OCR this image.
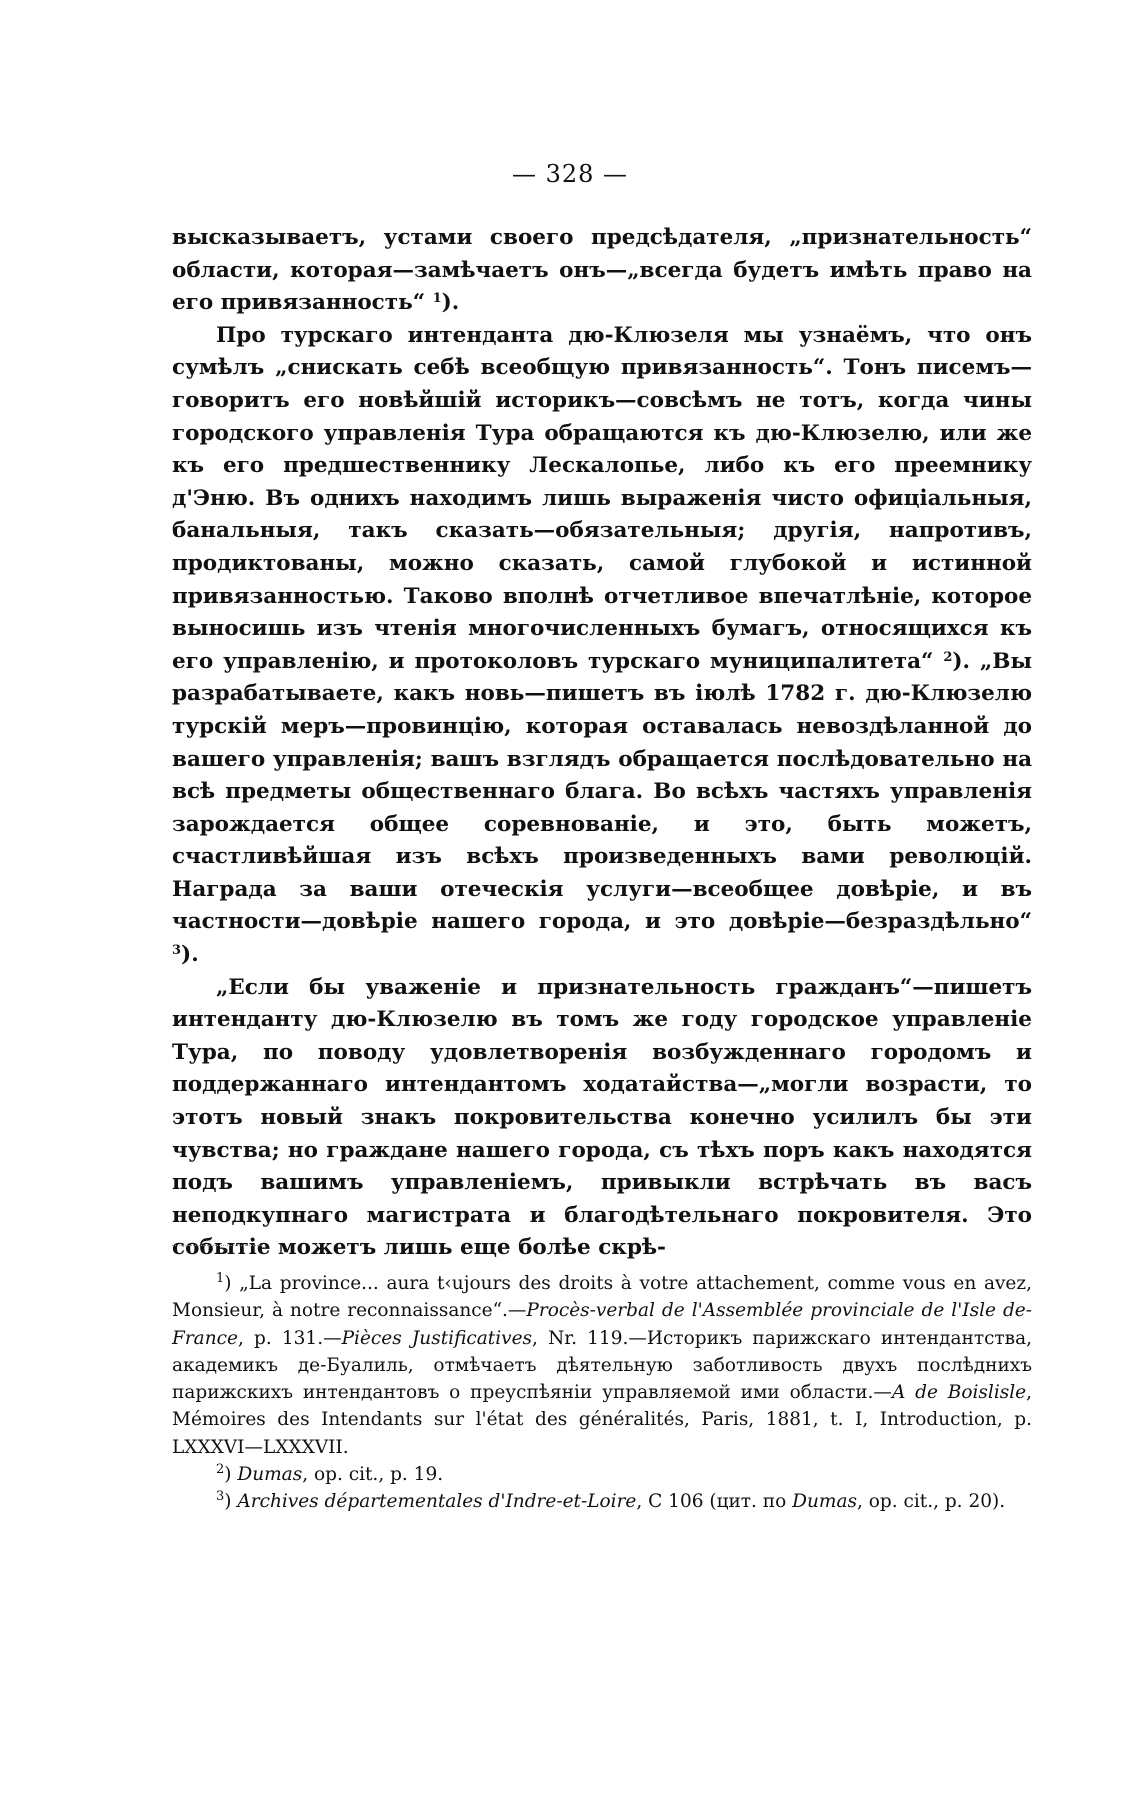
— 328 —

высказываетъ, устами своего предсѣдателя, „признательность“ области, которая—замѣчаетъ онъ—„всегда будетъ имѣть право на его привязанность“ $^1$).

Про турскаго интенданта дю-Клюзеля мы узнаёмъ, что онъ сумѣлъ „снискать себѣ всеобщую привязанность“. Тонъ писемъ—говоритъ его новѣйшій историкъ—совсѣмъ не тотъ, когда чины городского управленія Тура обращаются къ дю-Клюзелю, или же къ его предшественнику Лескалопье, либо къ его преемнику д'Эню. Въ однихъ находимъ лишь выраженія чисто офиціальныя, банальныя, такъ сказать—обязательныя; другія, напротивъ, продиктованы, можно сказать, самой глубокой и истинной привязанностью. Таково вполнѣ отчетливое впечатлѣніе, которое выносишь изъ чтенія многочисленныхъ бумагъ, относящихся къ его управленію, и протоколовъ турскаго муниципалитета“ $^2$). „Вы разрабатываете, какъ новь—пишетъ въ іюлѣ 1782 г. дю-Клюзелю турскій меръ—провинцію, которая оставалась невоздѣланной до вашего управленія; вашъ взглядъ обращается послѣдовательно на всѣ предметы общественнаго блага. Во всѣхъ частяхъ управленія зарождается общее соревнованіе, и это, быть можетъ, счастливѣйшая изъ всѣхъ произведенныхъ вами революцій. Награда за ваши отеческія услуги—всеобщее довѣріе, и въ частности—довѣріе нашего города, и это довѣріе—безраздѣльно“ $^3$).

„Если бы уваженіе и признательность гражданъ“—пишетъ интенданту дю-Клюзелю въ томъ же году городское управленіе Тура, по поводу удовлетворенія возбужденнаго городомъ и поддержаннаго интендантомъ ходатайства—„могли возрасти, то этотъ новый знакъ покровительства конечно усилилъ бы эти чувства; но граждане нашего города, съ тѣхъ поръ какъ находятся подъ вашимъ управленіемъ, привыкли встрѣчать въ васъ неподкупнаго магистрата и благодѣтельнаго покровителя. Это событіе можетъ лишь еще болѣе скрѣ-

$^1$) „La province... aura t‹ujours des droits à votre attachement, comme vous en avez, Monsieur, à notre reconnaissance“.—Procès-verbal de l'Assemblée provinciale de l'Isle de-France, p. 131.—Pièces Justificatives, Nr. 119.—Историкъ парижскаго интендантства, академикъ де-Буалиль, отмѣчаетъ дѣятельную заботливость двухъ послѣднихъ парижскихъ интендантовъ о преуспѣяніи управляемой ими области.—A de Boislisle, Mémoires des Intendants sur l'état des généralités, Paris, 1881, t. I, Introduction, p. LXXXVI—LXXXVII.

$^2$) Dumas, op. cit., p. 19.

$^3$) Archives départementales d'Indre-et-Loire, C 106 (цит. по Dumas, op. cit., p. 20).
